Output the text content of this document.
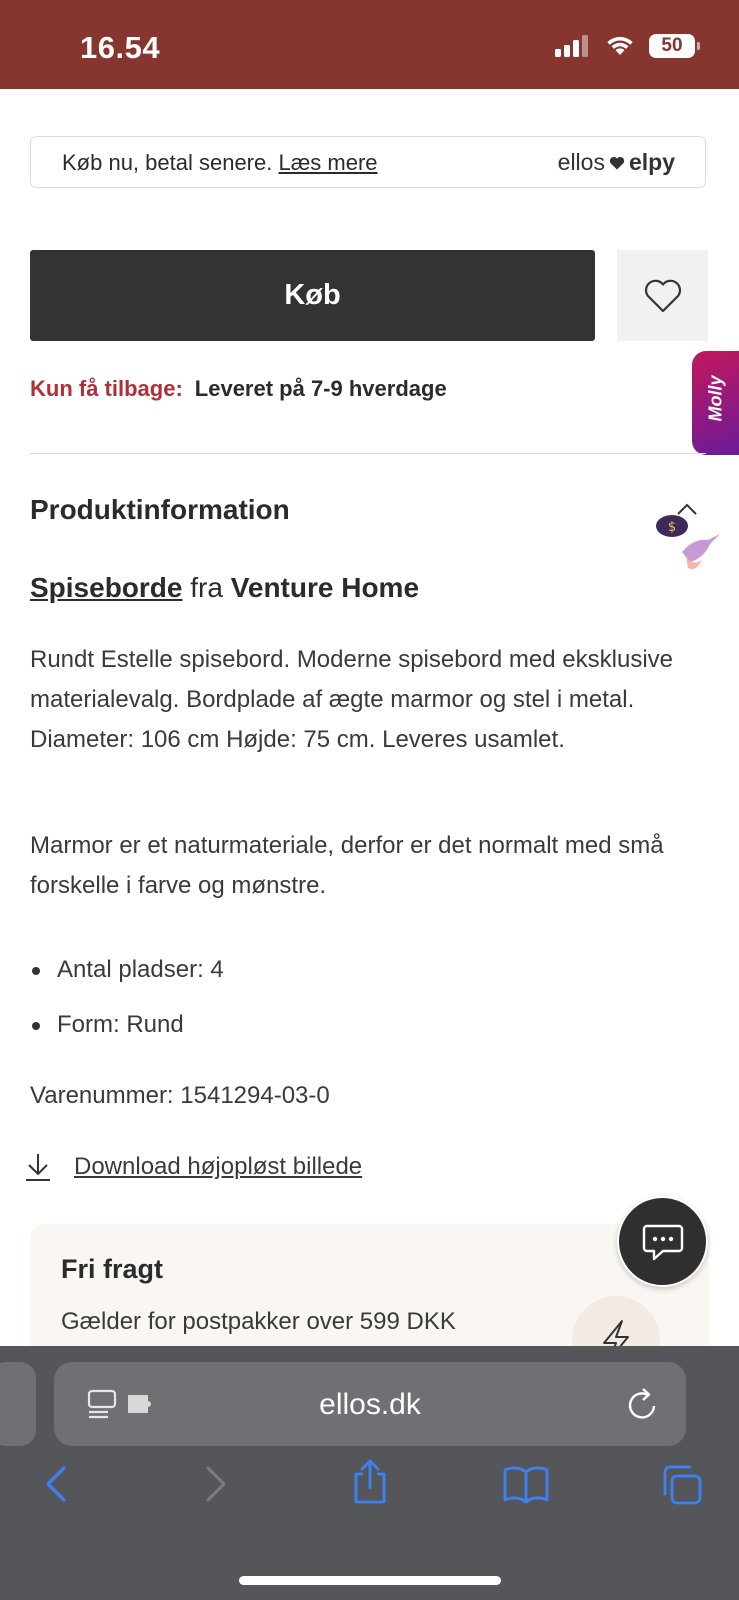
16.54	50
Køb nu, betal senere. Læs mere	ellos elpy
Køb
Kun få tilbage: Leveret på 7-9 hverdage	Molly
Produktinformation
$
Spiseborde fra Venture Home

Rundt Estelle spisebord. Moderne spisebord med eksklusive materialevalg. Bordplade af ægte marmor og stel i metal. Diameter: 106 cm Højde: 75 cm. Leveres usamlet.

Marmor er et naturmateriale, derfor er det normalt med små forskelle i farve og mønstre.

Antal pladser: 4
Form: Rund
Varenummer: 1541294-03-0
Download højopløst billede
Fri fragt
Gælder for postpakker over 599 DKK
ellos.dk
